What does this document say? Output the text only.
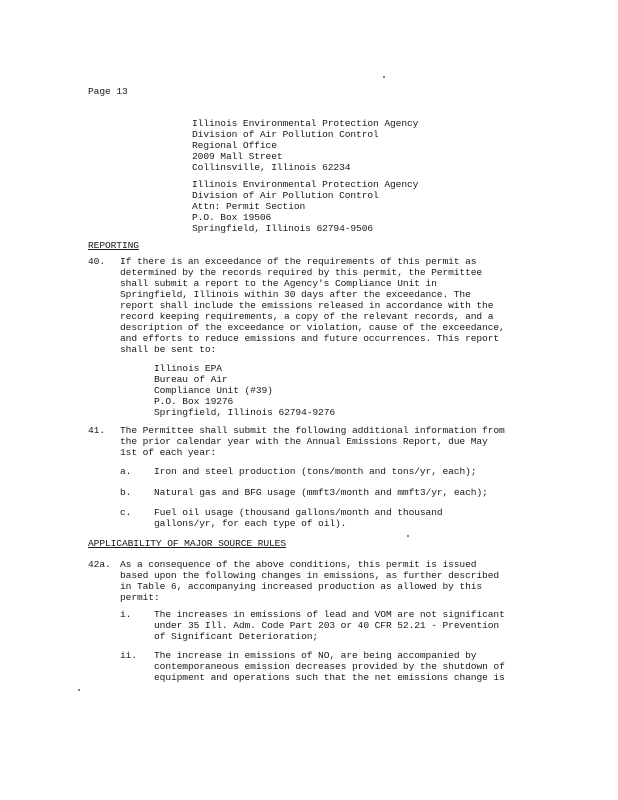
Page 13
Illinois Environmental Protection Agency
Division of Air Pollution Control
Regional Office
2009 Mall Street
Collinsville, Illinois 62234
Illinois Environmental Protection Agency
Division of Air Pollution Control
Attn: Permit Section
P.O. Box 19506
Springfield, Illinois 62794-9506
REPORTING
40. If there is an exceedance of the requirements of this permit as
determined by the records required by this permit, the Permittee
shall submit a report to the Agency's Compliance Unit in
Springfield, Illinois within 30 days after the exceedance. The
report shall include the emissions released in accordance with the
record keeping requirements, a copy of the relevant records, and a
description of the exceedance or violation, cause of the exceedance,
and efforts to reduce emissions and future occurrences. This report
shall be sent to:
Illinois EPA
Bureau of Air
Compliance Unit (#39)
P.O. Box 19276
Springfield, Illinois 62794-9276
41. The Permittee shall submit the following additional information from
the prior calendar year with the Annual Emissions Report, due May
1st of each year:
a. Iron and steel production (tons/month and tons/yr, each);
b. Natural gas and BFG usage (mmft3/month and mmft3/yr, each);
c. Fuel oil usage (thousand gallons/month and thousand
gallons/yr, for each type of oil).
APPLICABILITY OF MAJOR SOURCE RULES
42a. As a consequence of the above conditions, this permit is issued
based upon the following changes in emissions, as further described
in Table 6, accompanying increased production as allowed by this
permit:
i. The increases in emissions of lead and VOM are not significant
under 35 Ill. Adm. Code Part 203 or 40 CFR 52.21 - Prevention
of Significant Deterioration;
ii. The increase in emissions of NO, are being accompanied by
contemporaneous emission decreases provided by the shutdown of
equipment and operations such that the net emissions change is
